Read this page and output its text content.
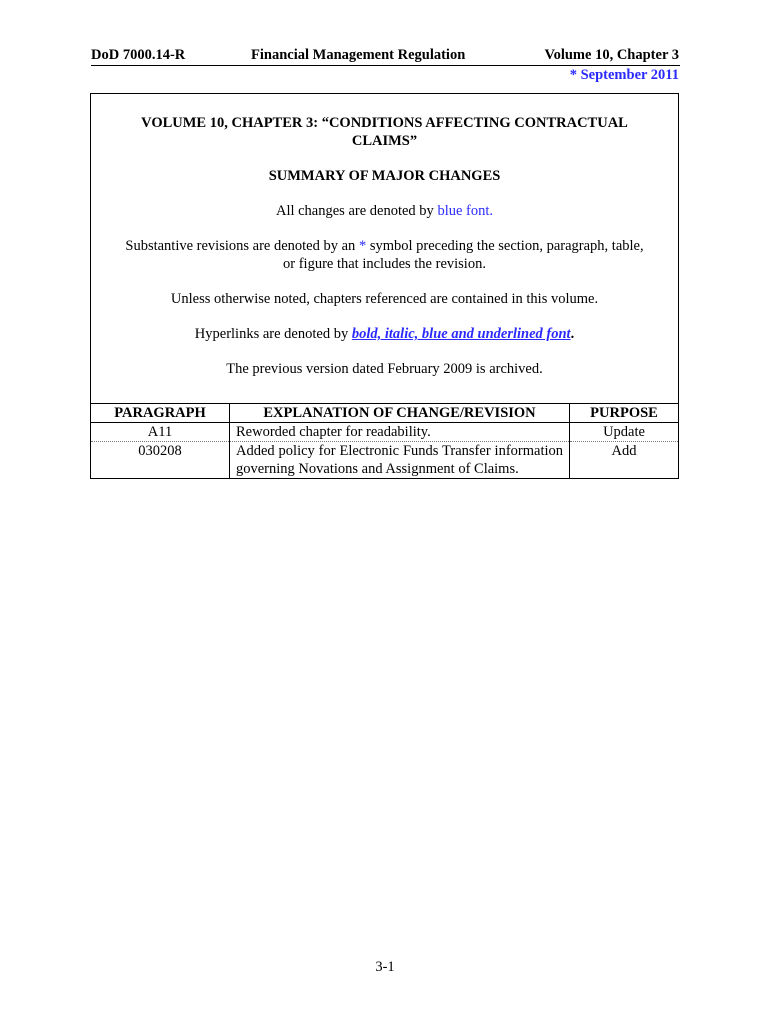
DoD 7000.14-R	Financial Management Regulation	Volume 10, Chapter 3
* September 2011

VOLUME 10, CHAPTER 3: “CONDITIONS AFFECTING CONTRACTUAL CLAIMS”

SUMMARY OF MAJOR CHANGES

All changes are denoted by blue font.

Substantive revisions are denoted by an * symbol preceding the section, paragraph, table, or figure that includes the revision.

Unless otherwise noted, chapters referenced are contained in this volume.

Hyperlinks are denoted by bold, italic, blue and underlined font.

The previous version dated February 2009 is archived.

PARAGRAPH	EXPLANATION OF CHANGE/REVISION	PURPOSE
A11	Reworded chapter for readability.	Update
030208	Added policy for Electronic Funds Transfer information governing Novations and Assignment of Claims.	Add
3-1
